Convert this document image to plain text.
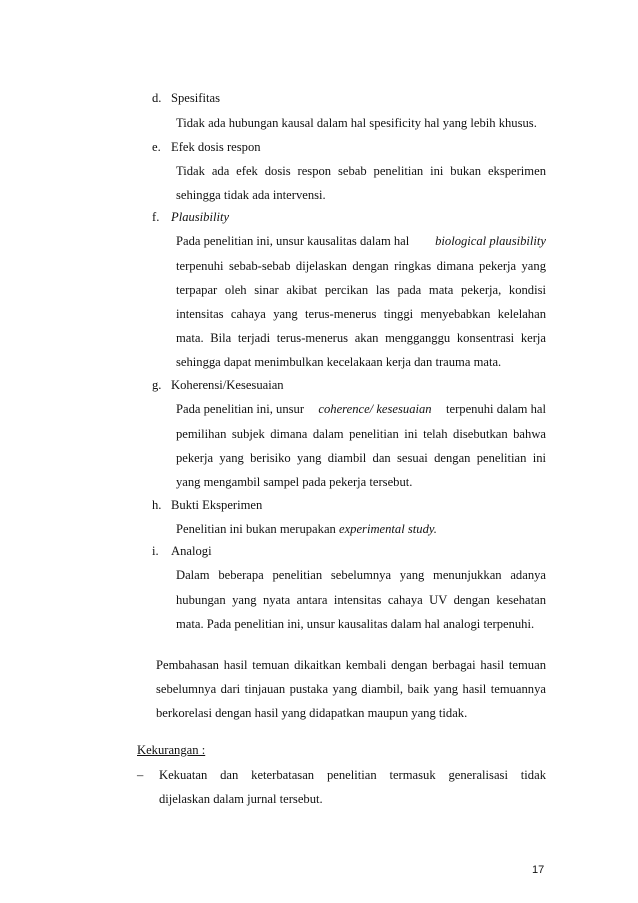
d. Spesifitas
Tidak ada hubungan kausal dalam hal spesificity hal yang lebih khusus.
e. Efek dosis respon
Tidak ada efek dosis respon sebab penelitian ini bukan eksperimen
sehingga tidak ada intervensi.
f. Plausibility
Pada penelitian ini, unsur kausalitas dalam hal biological plausibility
terpenuhi sebab-sebab dijelaskan dengan ringkas dimana pekerja yang
terpapar oleh sinar akibat percikan las pada mata pekerja, kondisi
intensitas cahaya yang terus-menerus tinggi menyebabkan kelelahan
mata. Bila terjadi terus-menerus akan mengganggu konsentrasi kerja
sehingga dapat menimbulkan kecelakaan kerja dan trauma mata.
g. Koherensi/Kesesuaian
Pada penelitian ini, unsur coherence/ kesesuaian terpenuhi dalam hal
pemilihan subjek dimana dalam penelitian ini telah disebutkan bahwa
pekerja yang berisiko yang diambil dan sesuai dengan penelitian ini
yang mengambil sampel pada pekerja tersebut.
h. Bukti Eksperimen
Penelitian ini bukan merupakan experimental study.
i. Analogi
Dalam beberapa penelitian sebelumnya yang menunjukkan adanya
hubungan yang nyata antara intensitas cahaya UV dengan kesehatan
mata. Pada penelitian ini, unsur kausalitas dalam hal analogi terpenuhi.
Pembahasan hasil temuan dikaitkan kembali dengan berbagai hasil temuan
sebelumnya dari tinjauan pustaka yang diambil, baik yang hasil temuannya
berkorelasi dengan hasil yang didapatkan maupun yang tidak.
Kekurangan :
– Kekuatan dan keterbatasan penelitian termasuk generalisasi tidak
dijelaskan dalam jurnal tersebut.
17
